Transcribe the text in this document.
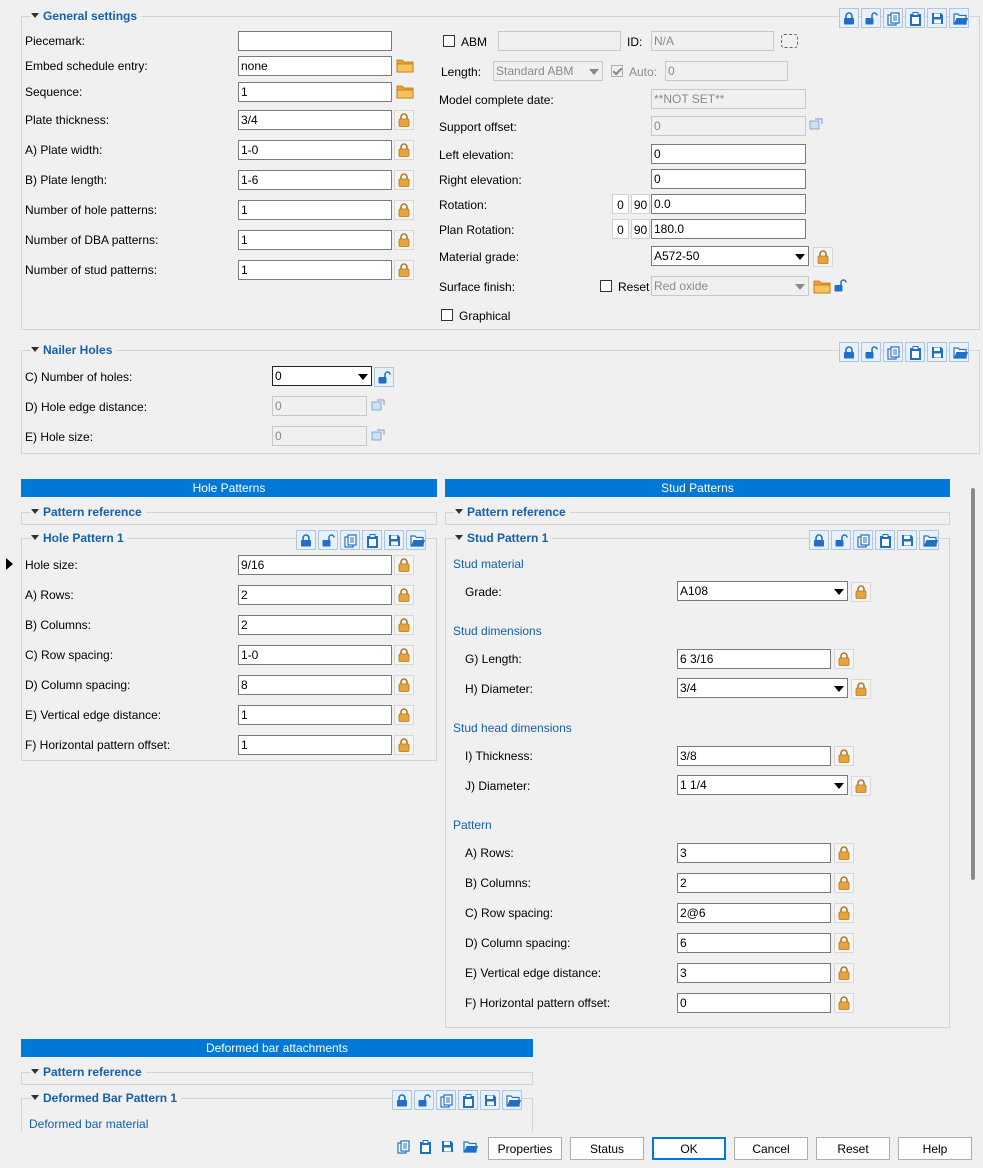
General settings
Piecemark:
Embed schedule entry:	none
Sequence:	1
Plate thickness:	3/4
A) Plate width:	1-0
B) Plate length:	1-6
Number of hole patterns:	1
Number of DBA patterns:	1
Number of stud patterns:	1
ABM	ID: N/A
Length: Standard ABM	Auto: 0
Model complete date:	**NOT SET**
Support offset:	0
Left elevation:	0
Right elevation:	0
Rotation:	0 90 0.0
Plan Rotation:	0 90 180.0
Material grade:	A572-50
Surface finish:	Reset Red oxide
Graphical
Nailer Holes
C) Number of holes:	0
D) Hole edge distance:	0
E) Hole size:	0
Hole Patterns
Pattern reference
Hole Pattern 1
Hole size:	9/16
A) Rows:	2
B) Columns:	2
C) Row spacing:	1-0
D) Column spacing:	8
E) Vertical edge distance:	1
F) Horizontal pattern offset:	1
Stud Patterns
Pattern reference
Stud Pattern 1
Stud material
Grade:	A108
Stud dimensions
G) Length:	6 3/16
H) Diameter:	3/4
Stud head dimensions
I) Thickness:	3/8
J) Diameter:	1 1/4
Pattern
A) Rows:	3
B) Columns:	2
C) Row spacing:	2@6
D) Column spacing:	6
E) Vertical edge distance:	3
F) Horizontal pattern offset:	0
Deformed bar attachments
Pattern reference
Deformed Bar Pattern 1
Deformed bar material
Properties	Status	OK	Cancel	Reset	Help
